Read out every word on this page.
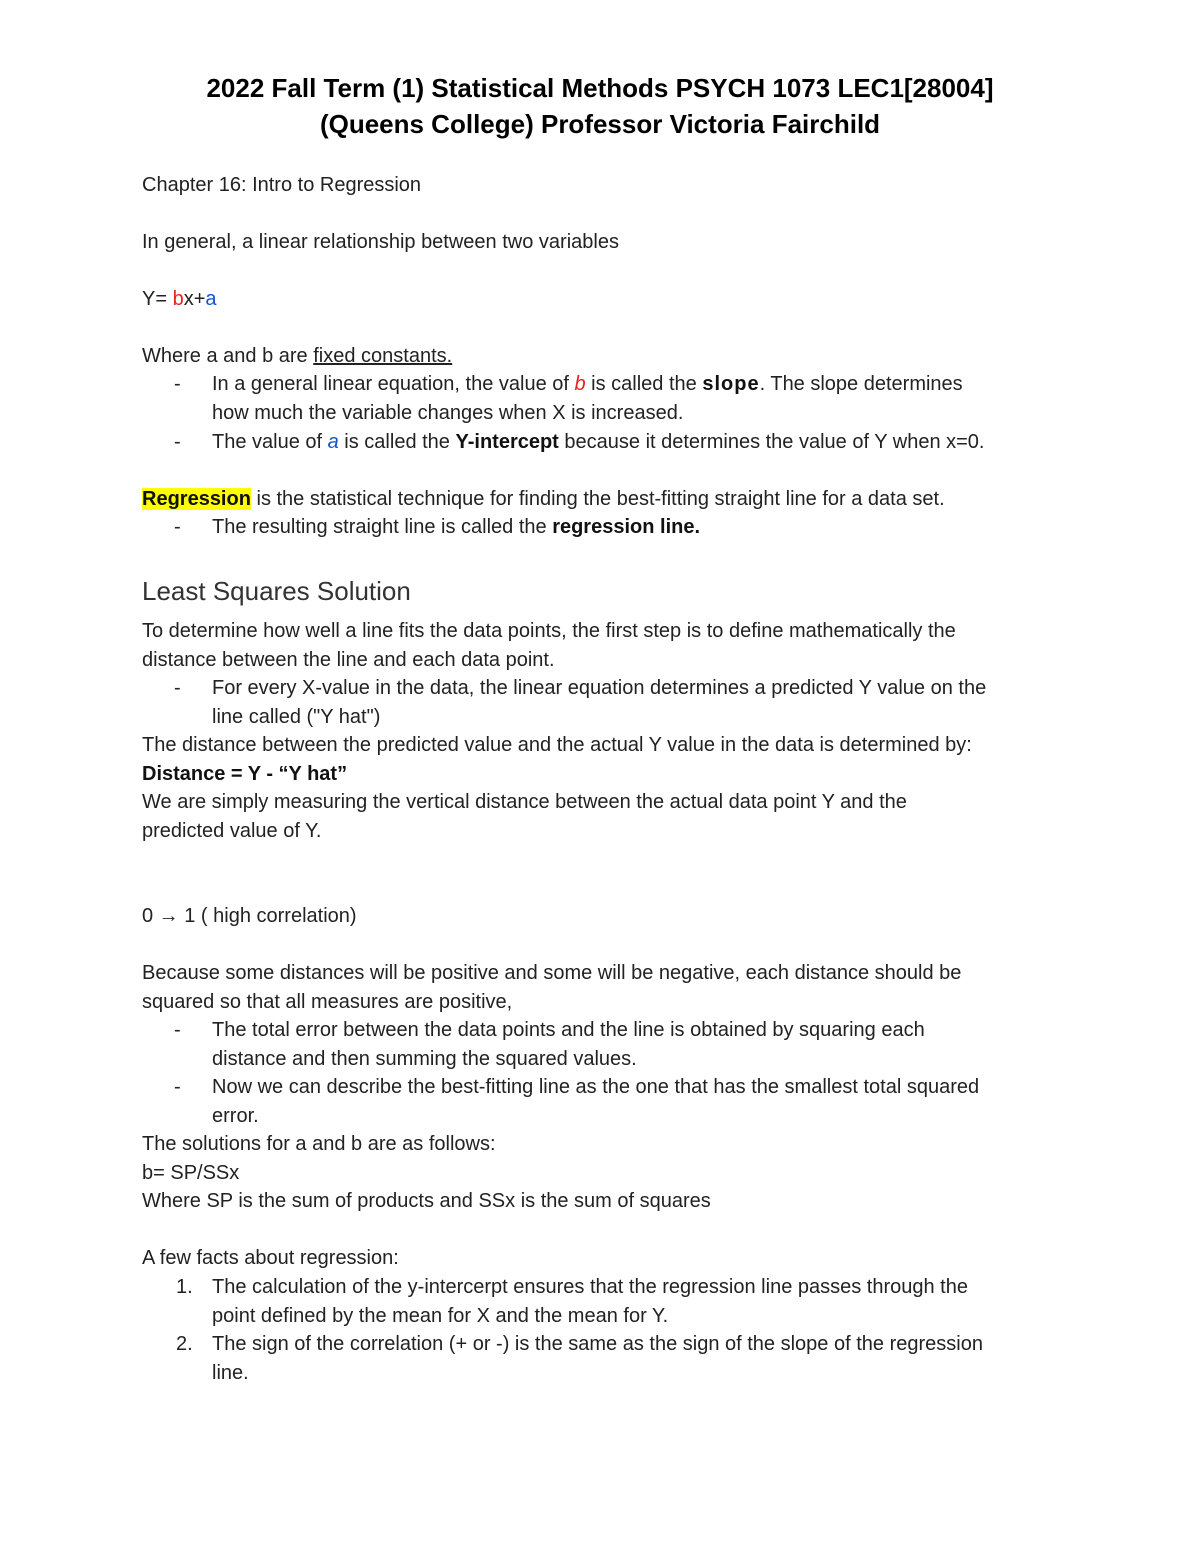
2022 Fall Term (1) Statistical Methods PSYCH 1073 LEC1[28004]
(Queens College) Professor Victoria Fairchild
Chapter 16: Intro to Regression
In general, a linear relationship between two variables
Y= bx+a
Where a and b are fixed constants.
- In a general linear equation, the value of b is called the slope. The slope determines
how much the variable changes when X is increased.
- The value of a is called the Y-intercept because it determines the value of Y when x=0.
Regression is the statistical technique for finding the best-fitting straight line for a data set.
- The resulting straight line is called the regression line.
Least Squares Solution
To determine how well a line fits the data points, the first step is to define mathematically the
distance between the line and each data point.
- For every X-value in the data, the linear equation determines a predicted Y value on the
line called ("Y hat")
The distance between the predicted value and the actual Y value in the data is determined by:
Distance = Y - “Y hat”
We are simply measuring the vertical distance between the actual data point Y and the
predicted value of Y.
0 → 1 ( high correlation)
Because some distances will be positive and some will be negative, each distance should be
squared so that all measures are positive,
- The total error between the data points and the line is obtained by squaring each
distance and then summing the squared values.
- Now we can describe the best-fitting line as the one that has the smallest total squared
error.
The solutions for a and b are as follows:
b= SP/SSx
Where SP is the sum of products and SSx is the sum of squares
A few facts about regression:
1. The calculation of the y-intercerpt ensures that the regression line passes through the
point defined by the mean for X and the mean for Y.
2. The sign of the correlation (+ or -) is the same as the sign of the slope of the regression
line.
